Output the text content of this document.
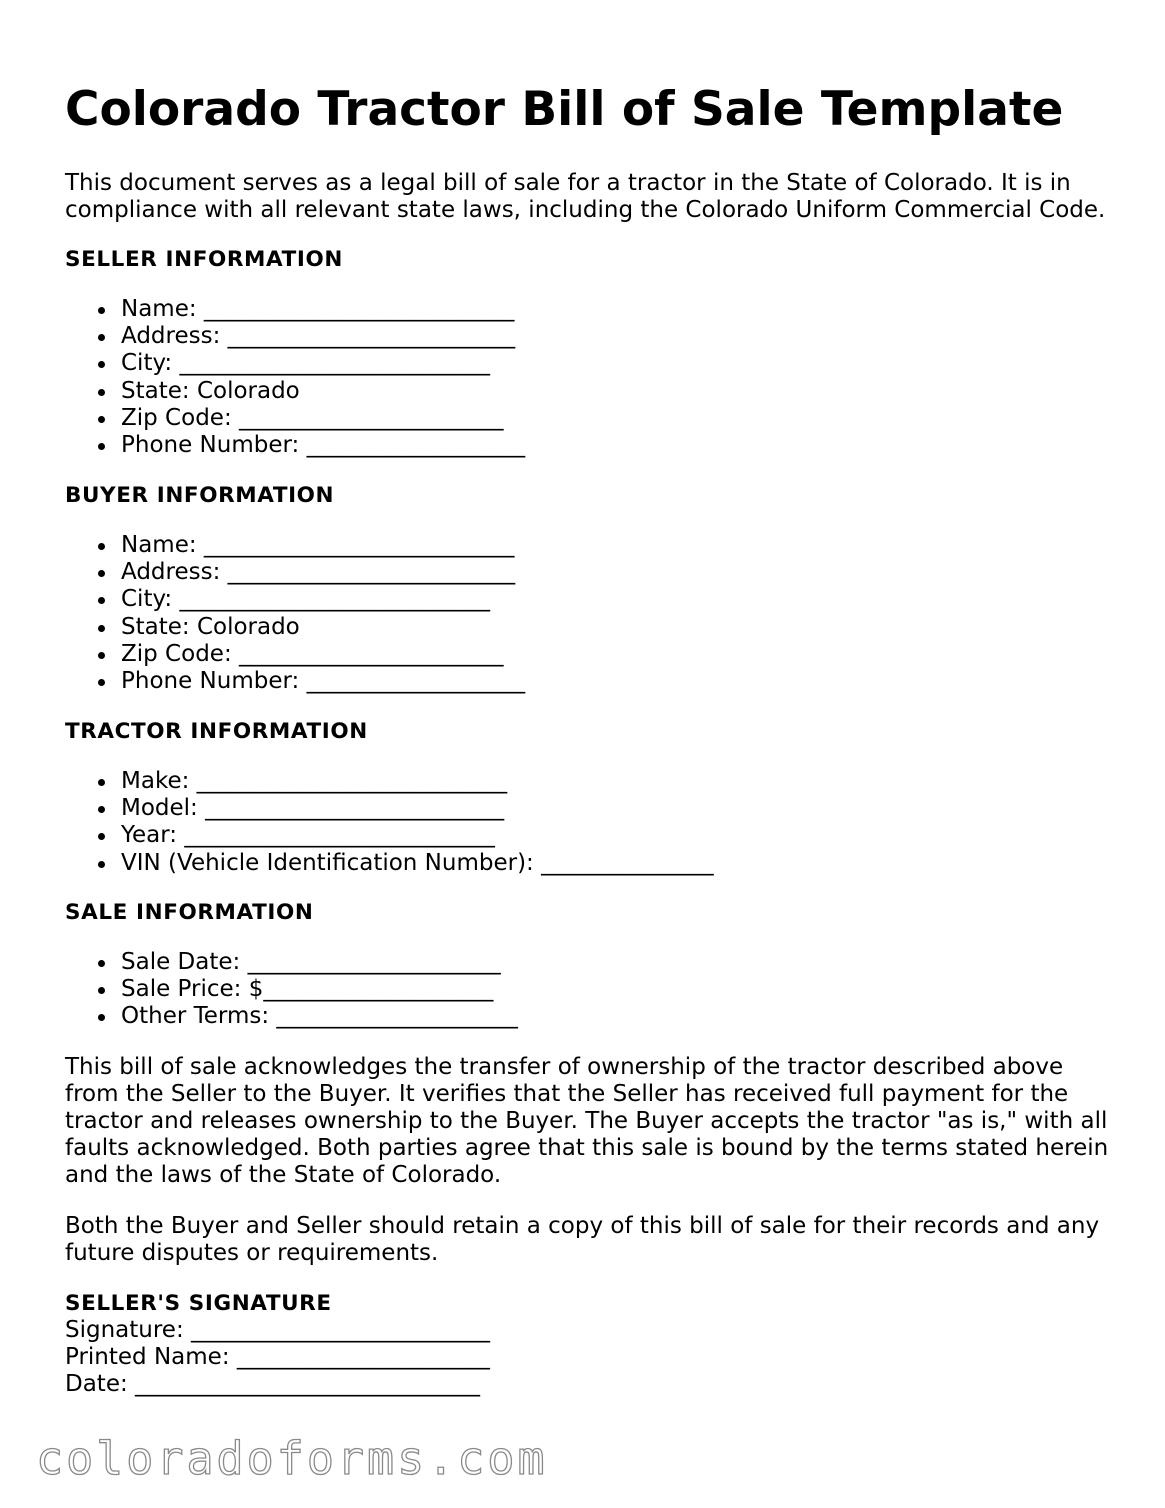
Colorado Tractor Bill of Sale Template

This document serves as a legal bill of sale for a tractor in the State of Colorado. It is in compliance with all relevant state laws, including the Colorado Uniform Commercial Code.

SELLER INFORMATION
Name: ___________________________
Address: _________________________
City: ___________________________
State: Colorado
Zip Code: _______________________
Phone Number: ___________________
BUYER INFORMATION
Name: ___________________________
Address: _________________________
City: ___________________________
State: Colorado
Zip Code: _______________________
Phone Number: ___________________
TRACTOR INFORMATION
Make: ___________________________
Model: __________________________
Year: ___________________________
VIN (Vehicle Identification Number): _______________
SALE INFORMATION
Sale Date: ______________________
Sale Price: $____________________
Other Terms: _____________________

This bill of sale acknowledges the transfer of ownership of the tractor described above from the Seller to the Buyer. It verifies that the Seller has received full payment for the tractor and releases ownership to the Buyer. The Buyer accepts the tractor "as is," with all faults acknowledged. Both parties agree that this sale is bound by the terms stated herein and the laws of the State of Colorado.

Both the Buyer and Seller should retain a copy of this bill of sale for their records and any future disputes or requirements.

SELLER'S SIGNATURE
Signature: __________________________
Printed Name: ______________________
Date: ______________________________
coloradoforms.com
